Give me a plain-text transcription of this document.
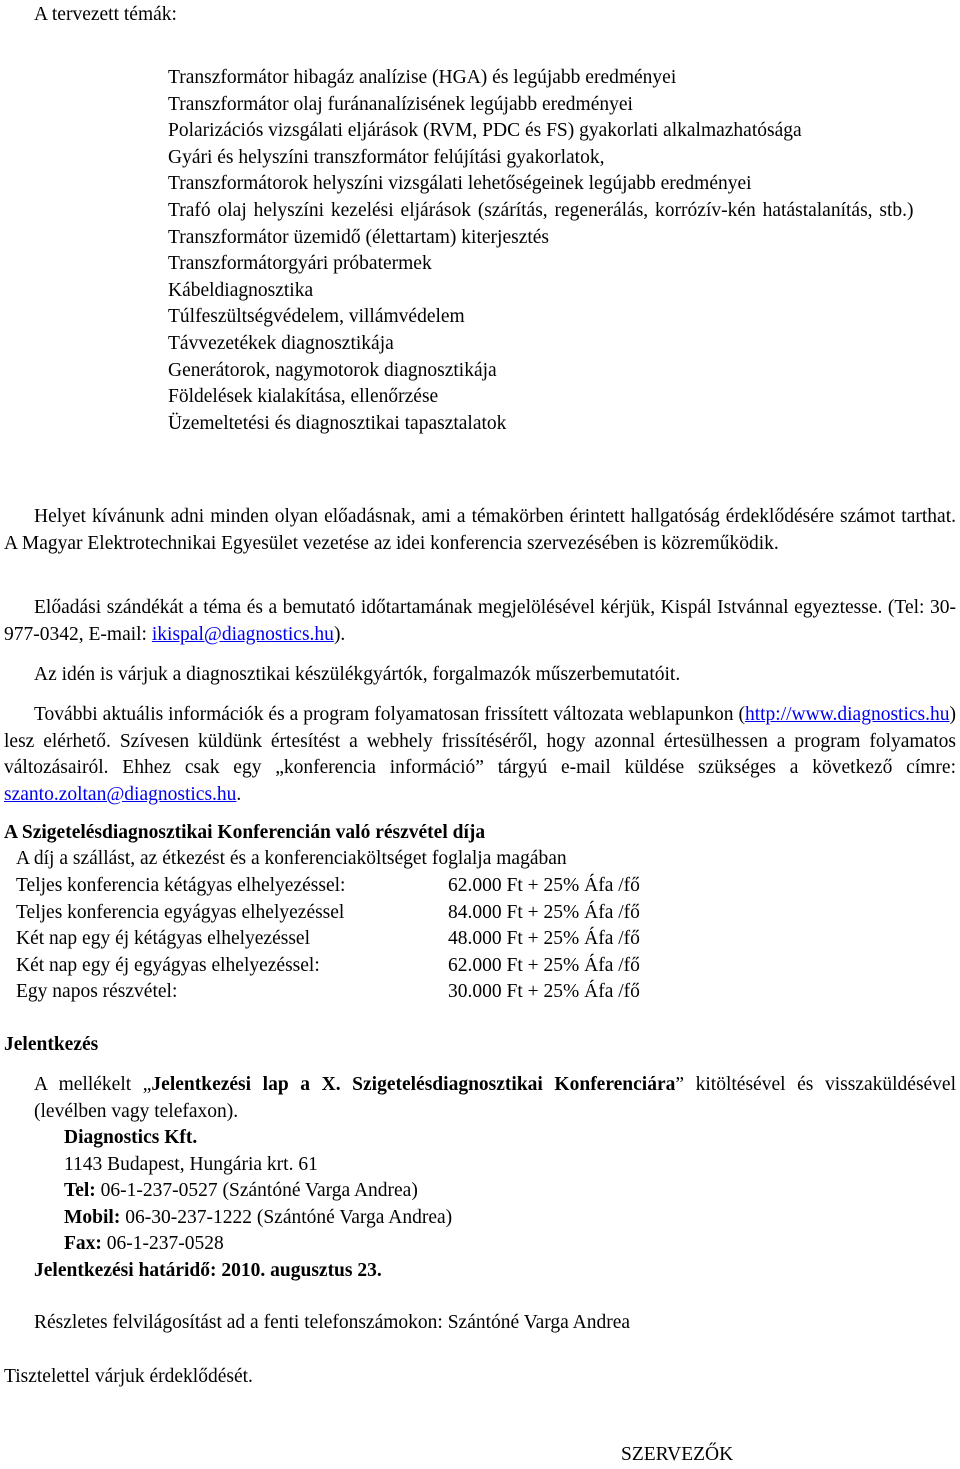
A tervezett témák:
Transzformátor hibagáz analízise (HGA) és legújabb eredményei
Transzformátor olaj furánanalízisének legújabb eredményei
Polarizációs vizsgálati eljárások (RVM, PDC és FS) gyakorlati alkalmazhatósága
Gyári és helyszíni transzformátor felújítási gyakorlatok,
Transzformátorok helyszíni vizsgálati lehetőségeinek legújabb eredményei
Trafó olaj helyszíni kezelési eljárások (szárítás, regenerálás, korrózív-kén hatástalanítás, stb.)
Transzformátor üzemidő (élettartam) kiterjesztés
Transzformátorgyári próbatermek
Kábeldiagnosztika
Túlfeszültségvédelem, villámvédelem
Távvezetékek diagnosztikája
Generátorok, nagymotorok diagnosztikája
Földelések kialakítása, ellenőrzése
Üzemeltetési és diagnosztikai tapasztalatok
Helyet kívánunk adni minden olyan előadásnak, ami a témakörben érintett hallgatóság érdeklődésére számot tarthat. A Magyar Elektrotechnikai Egyesület vezetése az idei konferencia szervezésében is közreműködik.
Előadási szándékát a téma és a bemutató időtartamának megjelölésével kérjük, Kispál Istvánnal egyeztesse. (Tel: 30-977-0342, E-mail: ikispal@diagnostics.hu).
Az idén is várjuk a diagnosztikai készülékgyártók, forgalmazók műszerbemutatóit.
További aktuális információk és a program folyamatosan frissített változata weblapunkon (http://www.diagnostics.hu) lesz elérhető. Szívesen küldünk értesítést a webhely frissítéséről, hogy azonnal értesülhessen a program folyamatos változásairól. Ehhez csak egy „konferencia információ” tárgyú e-mail küldése szükséges a következő címre: szanto.zoltan@diagnostics.hu.
A Szigetelésdiagnosztikai Konferencián való részvétel díja
A díj a szállást, az étkezést és a konferenciaköltséget foglalja magában
Teljes konferencia kétágyas elhelyezéssel:	62.000 Ft + 25% Áfa /fő
Teljes konferencia egyágyas elhelyezéssel	84.000 Ft + 25% Áfa /fő
Két nap egy éj kétágyas elhelyezéssel	48.000 Ft + 25% Áfa /fő
Két nap egy éj egyágyas elhelyezéssel:	62.000 Ft + 25% Áfa /fő
Egy napos részvétel:	30.000 Ft + 25% Áfa /fő
Jelentkezés
A mellékelt „Jelentkezési lap a X. Szigetelésdiagnosztikai Konferenciára” kitöltésével és visszaküldésével (levélben vagy telefaxon).
Diagnostics Kft.
1143 Budapest, Hungária krt. 61
Tel: 06-1-237-0527 (Szántóné Varga Andrea)
Mobil: 06-30-237-1222 (Szántóné Varga Andrea)
Fax: 06-1-237-0528
Jelentkezési határidő: 2010. augusztus 23.
Részletes felvilágosítást ad a fenti telefonszámokon: Szántóné Varga Andrea
Tisztelettel várjuk érdeklődését.
SZERVEZŐK
